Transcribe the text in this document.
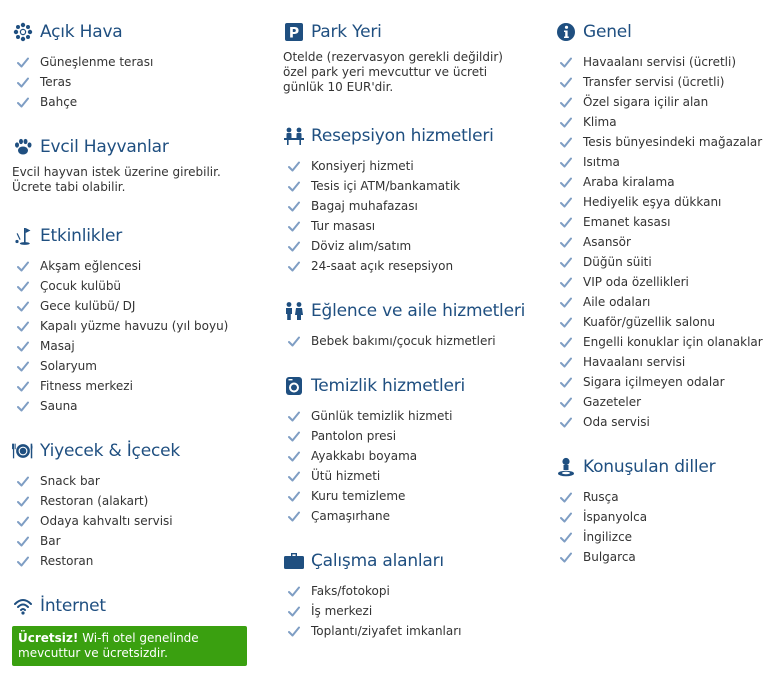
Açık Hava
Güneşlenme terası
Teras
Bahçe
Evcil Hayvanlar
Evcil hayvan istek üzerine girebilir. Ücrete tabi olabilir.
Etkinlikler
Akşam eğlencesi
Çocuk kulübü
Gece kulübü/ DJ
Kapalı yüzme havuzu (yıl boyu)
Masaj
Solaryum
Fitness merkezi
Sauna
Yiyecek & İçecek
Snack bar
Restoran (alakart)
Odaya kahvaltı servisi
Bar
Restoran
İnternet
Ücretsiz! Wi-fi otel genelinde mevcuttur ve ücretsizdir.
P Park Yeri
Otelde (rezervasyon gerekli değildir) özel park yeri mevcuttur ve ücreti günlük 10 EUR'dir.
Resepsiyon hizmetleri
Konsiyerj hizmeti
Tesis içi ATM/bankamatik
Bagaj muhafazası
Tur masası
Döviz alım/satım
24-saat açık resepsiyon
Eğlence ve aile hizmetleri
Bebek bakımı/çocuk hizmetleri
Temizlik hizmetleri
Günlük temizlik hizmeti
Pantolon presi
Ayakkabı boyama
Ütü hizmeti
Kuru temizleme
Çamaşırhane
Çalışma alanları
Faks/fotokopi
İş merkezi
Toplantı/ziyafet imkanları
Genel
Havaalanı servisi (ücretli)
Transfer servisi (ücretli)
Özel sigara içilir alan
Klima
Tesis bünyesindeki mağazalar
Isıtma
Araba kiralama
Hediyelik eşya dükkanı
Emanet kasası
Asansör
Düğün süiti
VIP oda özellikleri
Aile odaları
Kuaför/güzellik salonu
Engelli konuklar için olanaklar
Havaalanı servisi
Sigara içilmeyen odalar
Gazeteler
Oda servisi
Konuşulan diller
Rusça
İspanyolca
İngilizce
Bulgarca
